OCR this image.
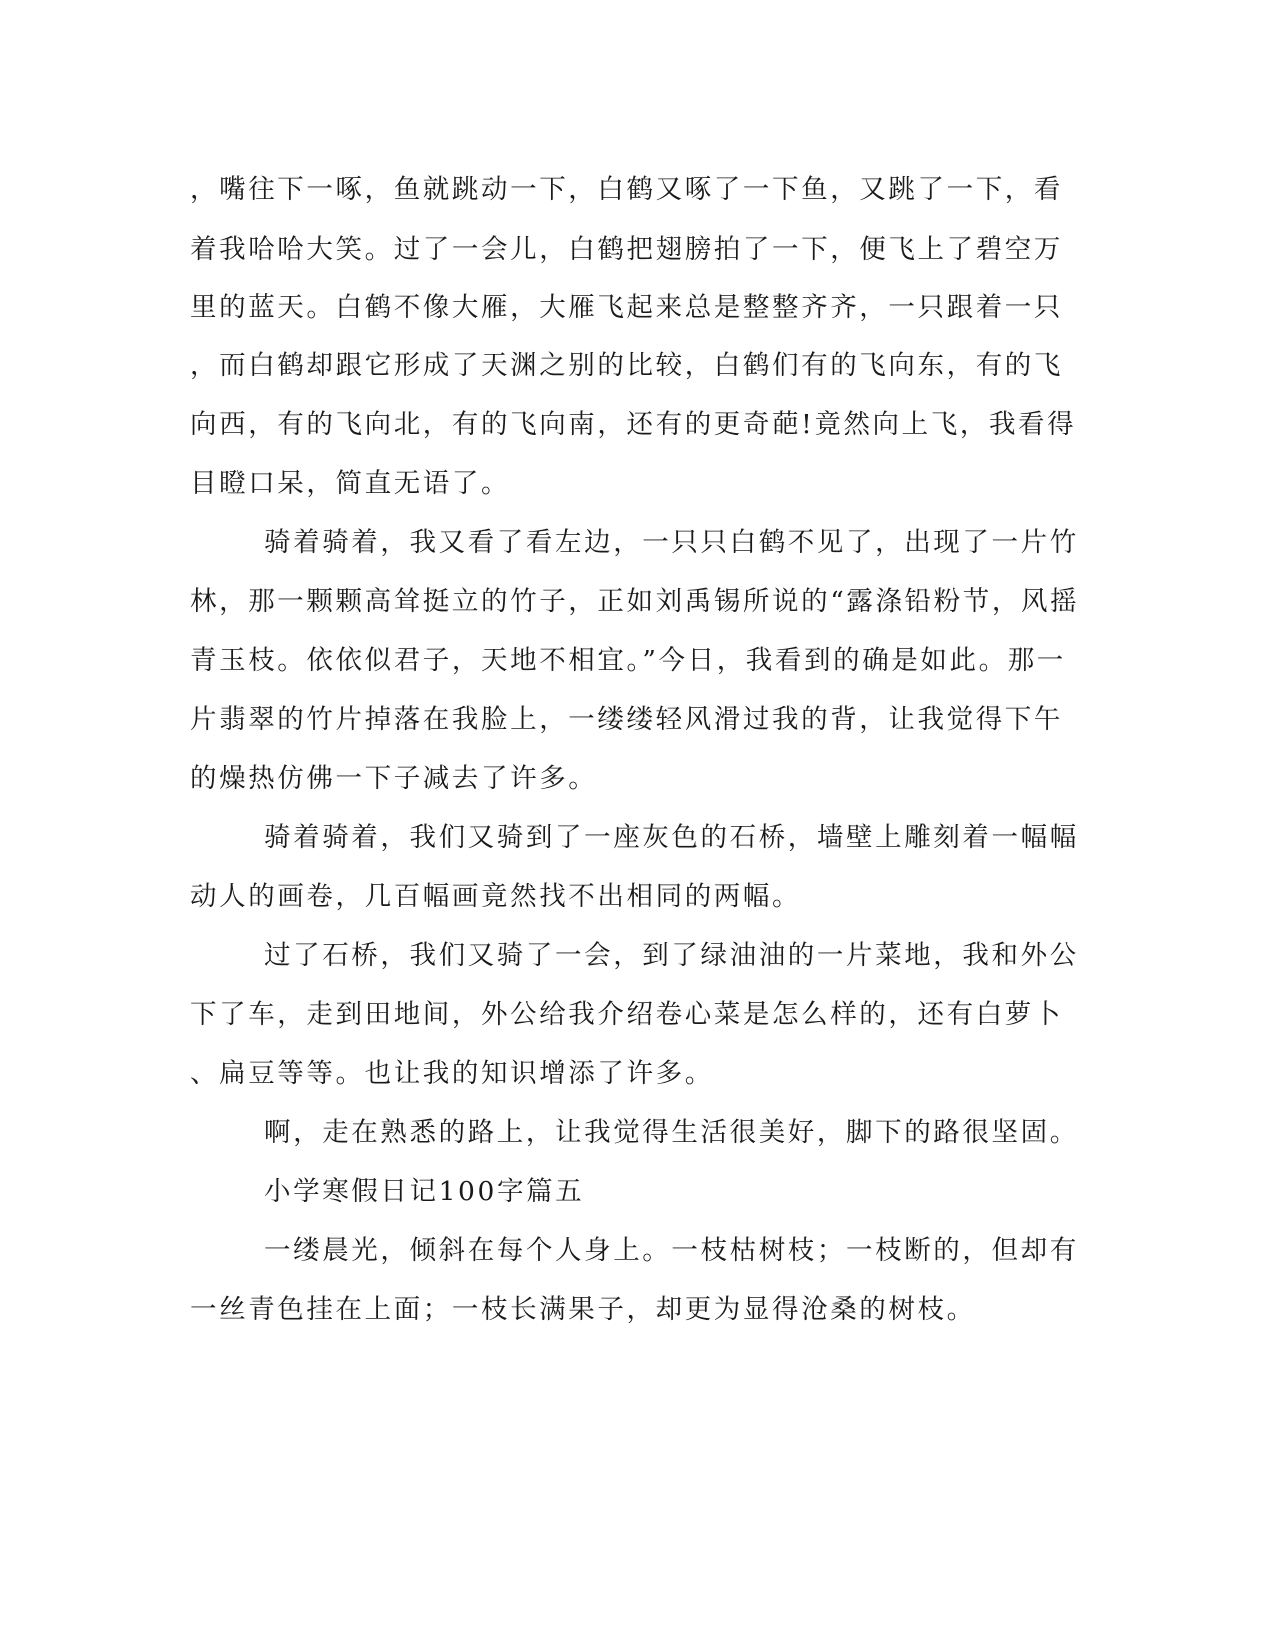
，嘴往下一啄，鱼就跳动一下，白鹤又啄了一下鱼，又跳了一下，看
着我哈哈大笑。过了一会儿，白鹤把翅膀拍了一下，便飞上了碧空万
里的蓝天。白鹤不像大雁，大雁飞起来总是整整齐齐，一只跟着一只
，而白鹤却跟它形成了天渊之别的比较，白鹤们有的飞向东，有的飞
向西，有的飞向北，有的飞向南，还有的更奇葩!竟然向上飞，我看得
目瞪口呆，简直无语了。
骑着骑着，我又看了看左边，一只只白鹤不见了，出现了一片竹
林，那一颗颗高耸挺立的竹子，正如刘禹锡所说的“露涤铅粉节，风摇
青玉枝。依依似君子，天地不相宜。”今日，我看到的确是如此。那一
片翡翠的竹片掉落在我脸上，一缕缕轻风滑过我的背，让我觉得下午
的燥热仿佛一下子减去了许多。
骑着骑着，我们又骑到了一座灰色的石桥，墙壁上雕刻着一幅幅
动人的画卷，几百幅画竟然找不出相同的两幅。
过了石桥，我们又骑了一会，到了绿油油的一片菜地，我和外公
下了车，走到田地间，外公给我介绍卷心菜是怎么样的，还有白萝卜
、扁豆等等。也让我的知识增添了许多。
啊，走在熟悉的路上，让我觉得生活很美好，脚下的路很坚固。
小学寒假日记100字篇五
一缕晨光，倾斜在每个人身上。一枝枯树枝；一枝断的，但却有
一丝青色挂在上面；一枝长满果子，却更为显得沧桑的树枝。
